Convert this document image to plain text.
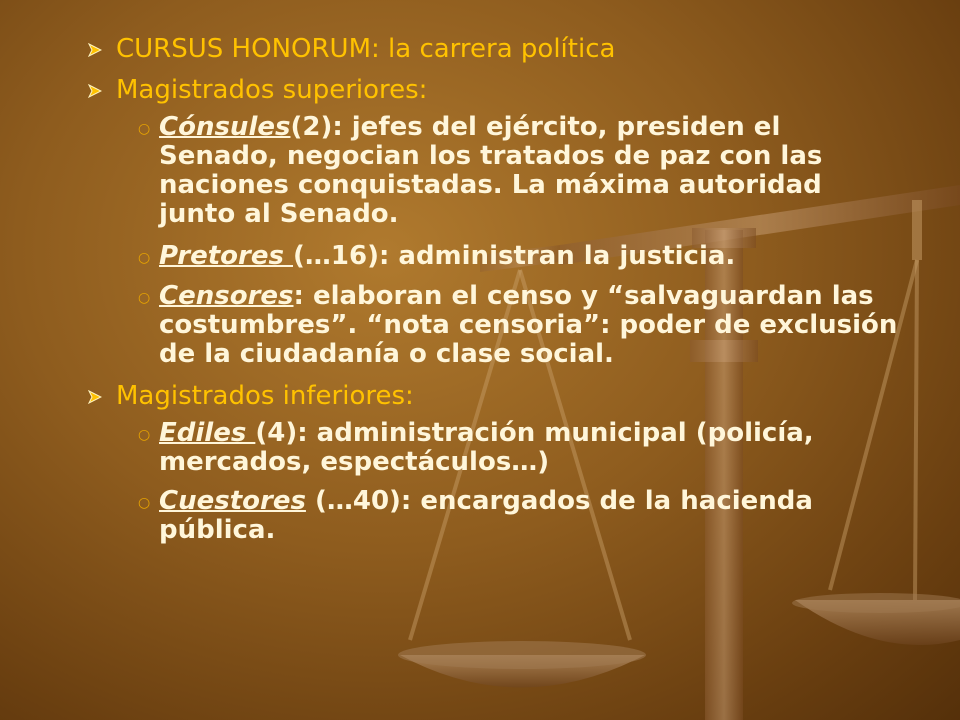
CURSUS HONORUM: la carrera política
Magistrados superiores:
○ Cónsules(2): jefes del ejército, presiden el Senado, negocian los tratados de paz con las naciones conquistadas. La máxima autoridad junto al Senado.
○ Pretores (…16): administran la justicia.
○ Censores: elaboran el censo y “salvaguardan las costumbres”. “nota censoria”: poder de exclusión de la ciudadanía o clase social.
Magistrados inferiores:
○ Ediles (4): administración municipal (policía, mercados, espectáculos…)
○ Cuestores (…40): encargados de la hacienda pública.
